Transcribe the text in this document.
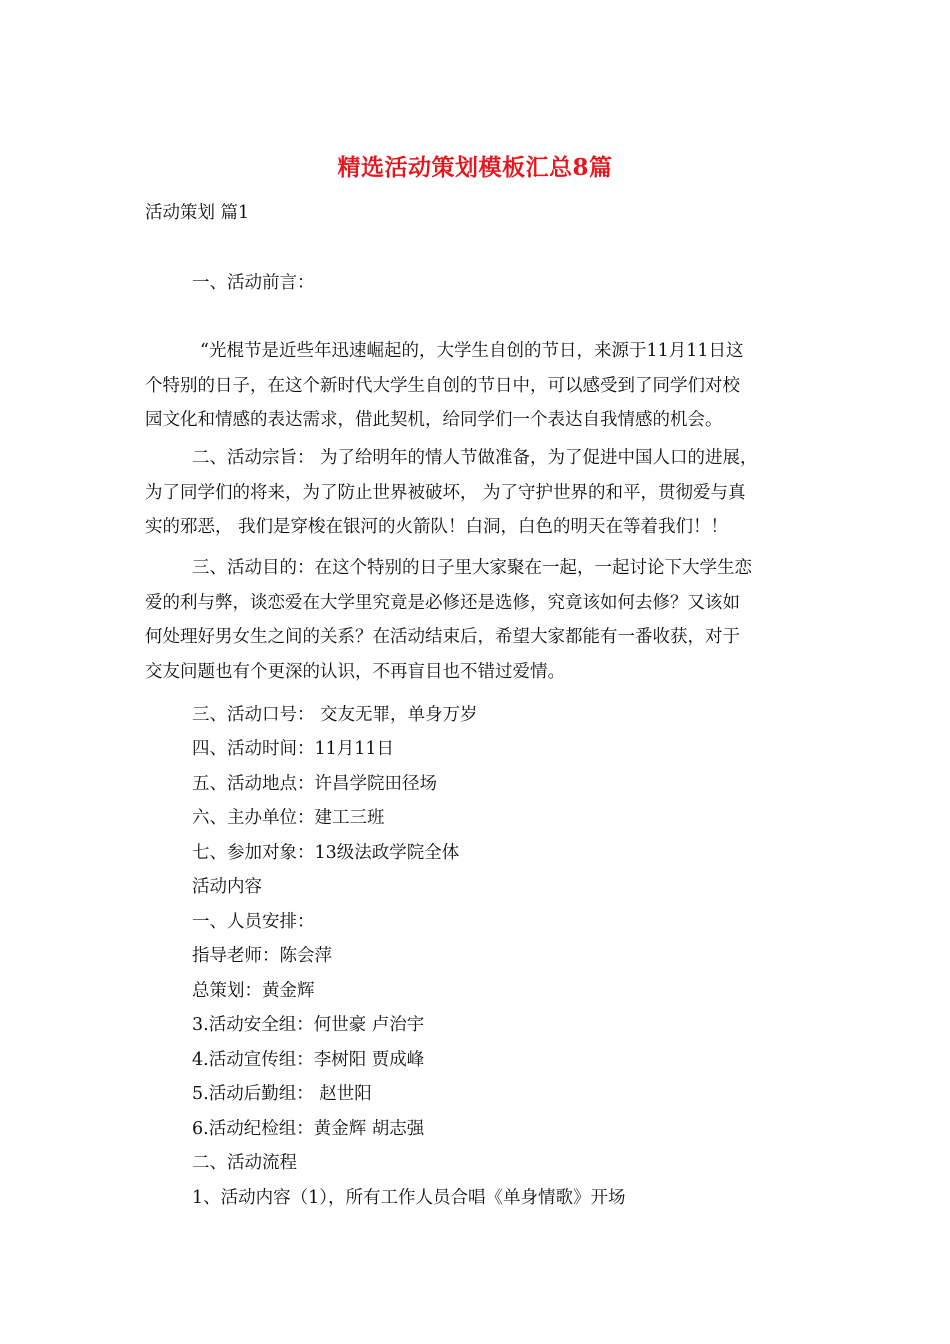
精选活动策划模板汇总8篇
活动策划 篇1
一、活动前言：
“光棍节是近些年迅速崛起的，大学生自创的节日，来源于11月11日这
个特别的日子，在这个新时代大学生自创的节日中，可以感受到了同学们对校
园文化和情感的表达需求，借此契机，给同学们一个表达自我情感的机会。
二、活动宗旨： 为了给明年的情人节做准备，为了促进中国人口的进展，
为了同学们的将来，为了防止世界被破坏， 为了守护世界的和平，贯彻爱与真
实的邪恶， 我们是穿梭在银河的火箭队！白洞，白色的明天在等着我们！！
三、活动目的：在这个特别的日子里大家聚在一起，一起讨论下大学生恋
爱的利与弊，谈恋爱在大学里究竟是必修还是选修，究竟该如何去修？又该如
何处理好男女生之间的关系？在活动结束后，希望大家都能有一番收获，对于
交友问题也有个更深的认识，不再盲目也不错过爱情。
三、活动口号： 交友无罪，单身万岁
四、活动时间：11月11日
五、活动地点：许昌学院田径场
六、主办单位：建工三班
七、参加对象：13级法政学院全体
活动内容
一、人员安排：
指导老师：陈会萍
总策划：黄金辉
3.活动安全组：何世豪 卢治宇
4.活动宣传组：李树阳 贾成峰
5.活动后勤组： 赵世阳
6.活动纪检组：黄金辉 胡志强
二、活动流程
1、活动内容（1），所有工作人员合唱《单身情歌》开场
